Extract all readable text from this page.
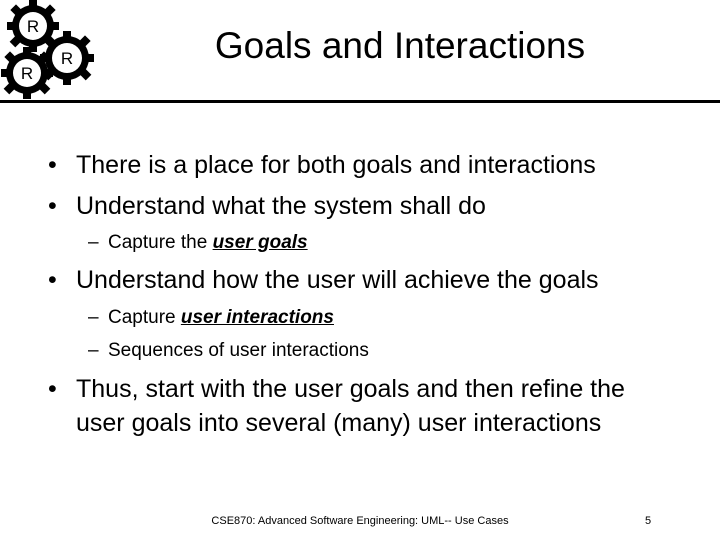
R
R
R	Goals and Interactions
• There is a place for both goals and interactions
• Understand what the system shall do
– Capture the user goals
• Understand how the user will achieve the goals
– Capture user interactions
– Sequences of user interactions
• Thus, start with the user goals and then refine the user goals into several (many) user interactions
CSE870: Advanced Software Engineering: UML-- Use Cases	5
